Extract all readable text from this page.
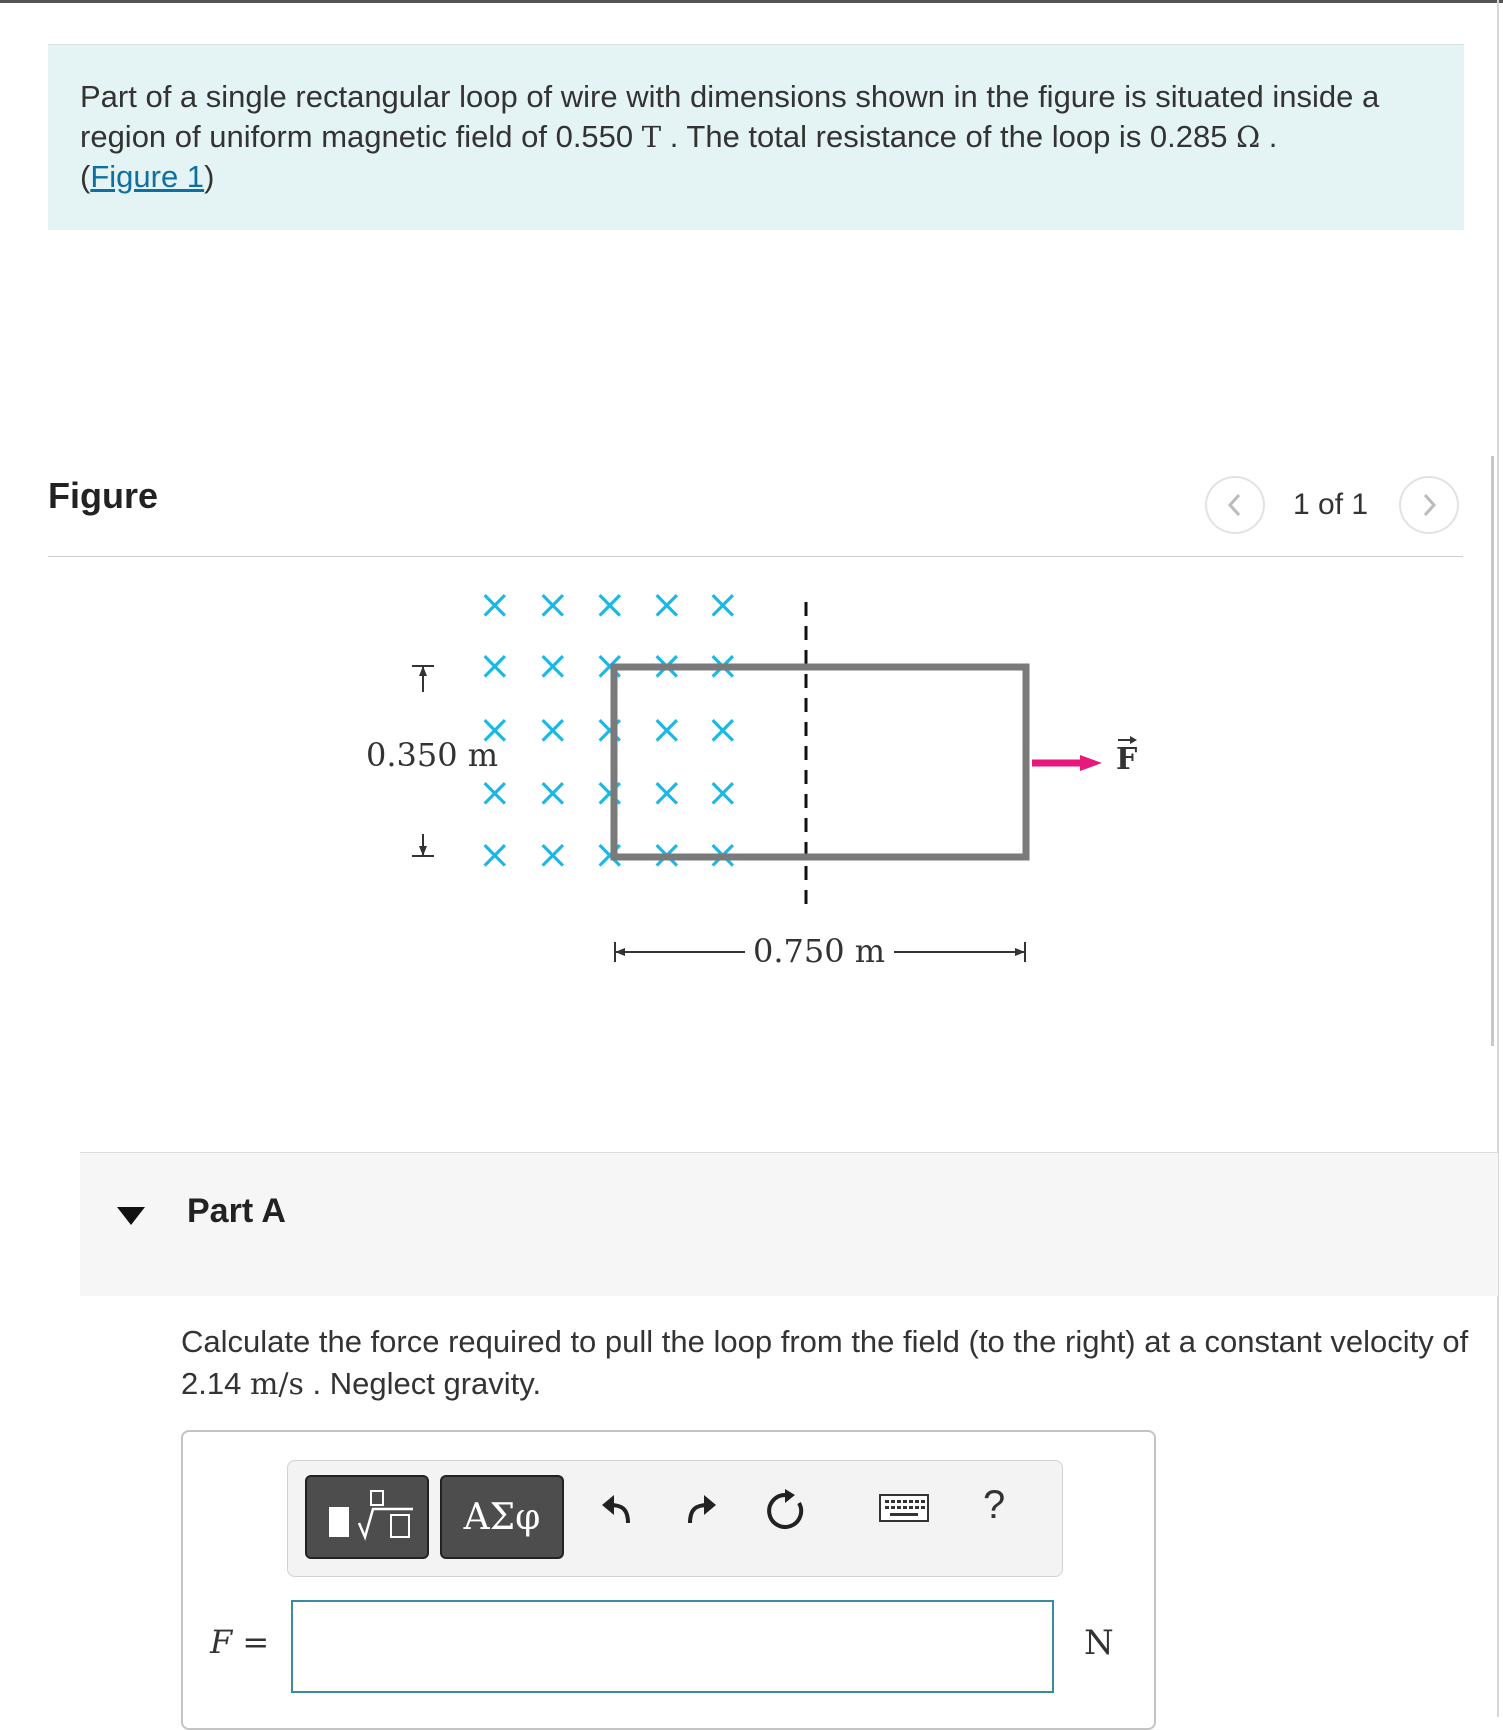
Part of a single rectangular loop of wire with dimensions shown in the figure is situated inside a region of uniform magnetic field of 0.550 T . The total resistance of the loop is 0.285 Ω .
(Figure 1)
Figure	1 of 1
× × × × ×
× × × × ×
× × × × ×
× × × × ×
× × × × ×
0.350 m
0.750 m
F
Part A
Calculate the force required to pull the loop from the field (to the right) at a constant velocity of 2.14 m/s . Neglect gravity.
ΑΣφ	?
F =	N
